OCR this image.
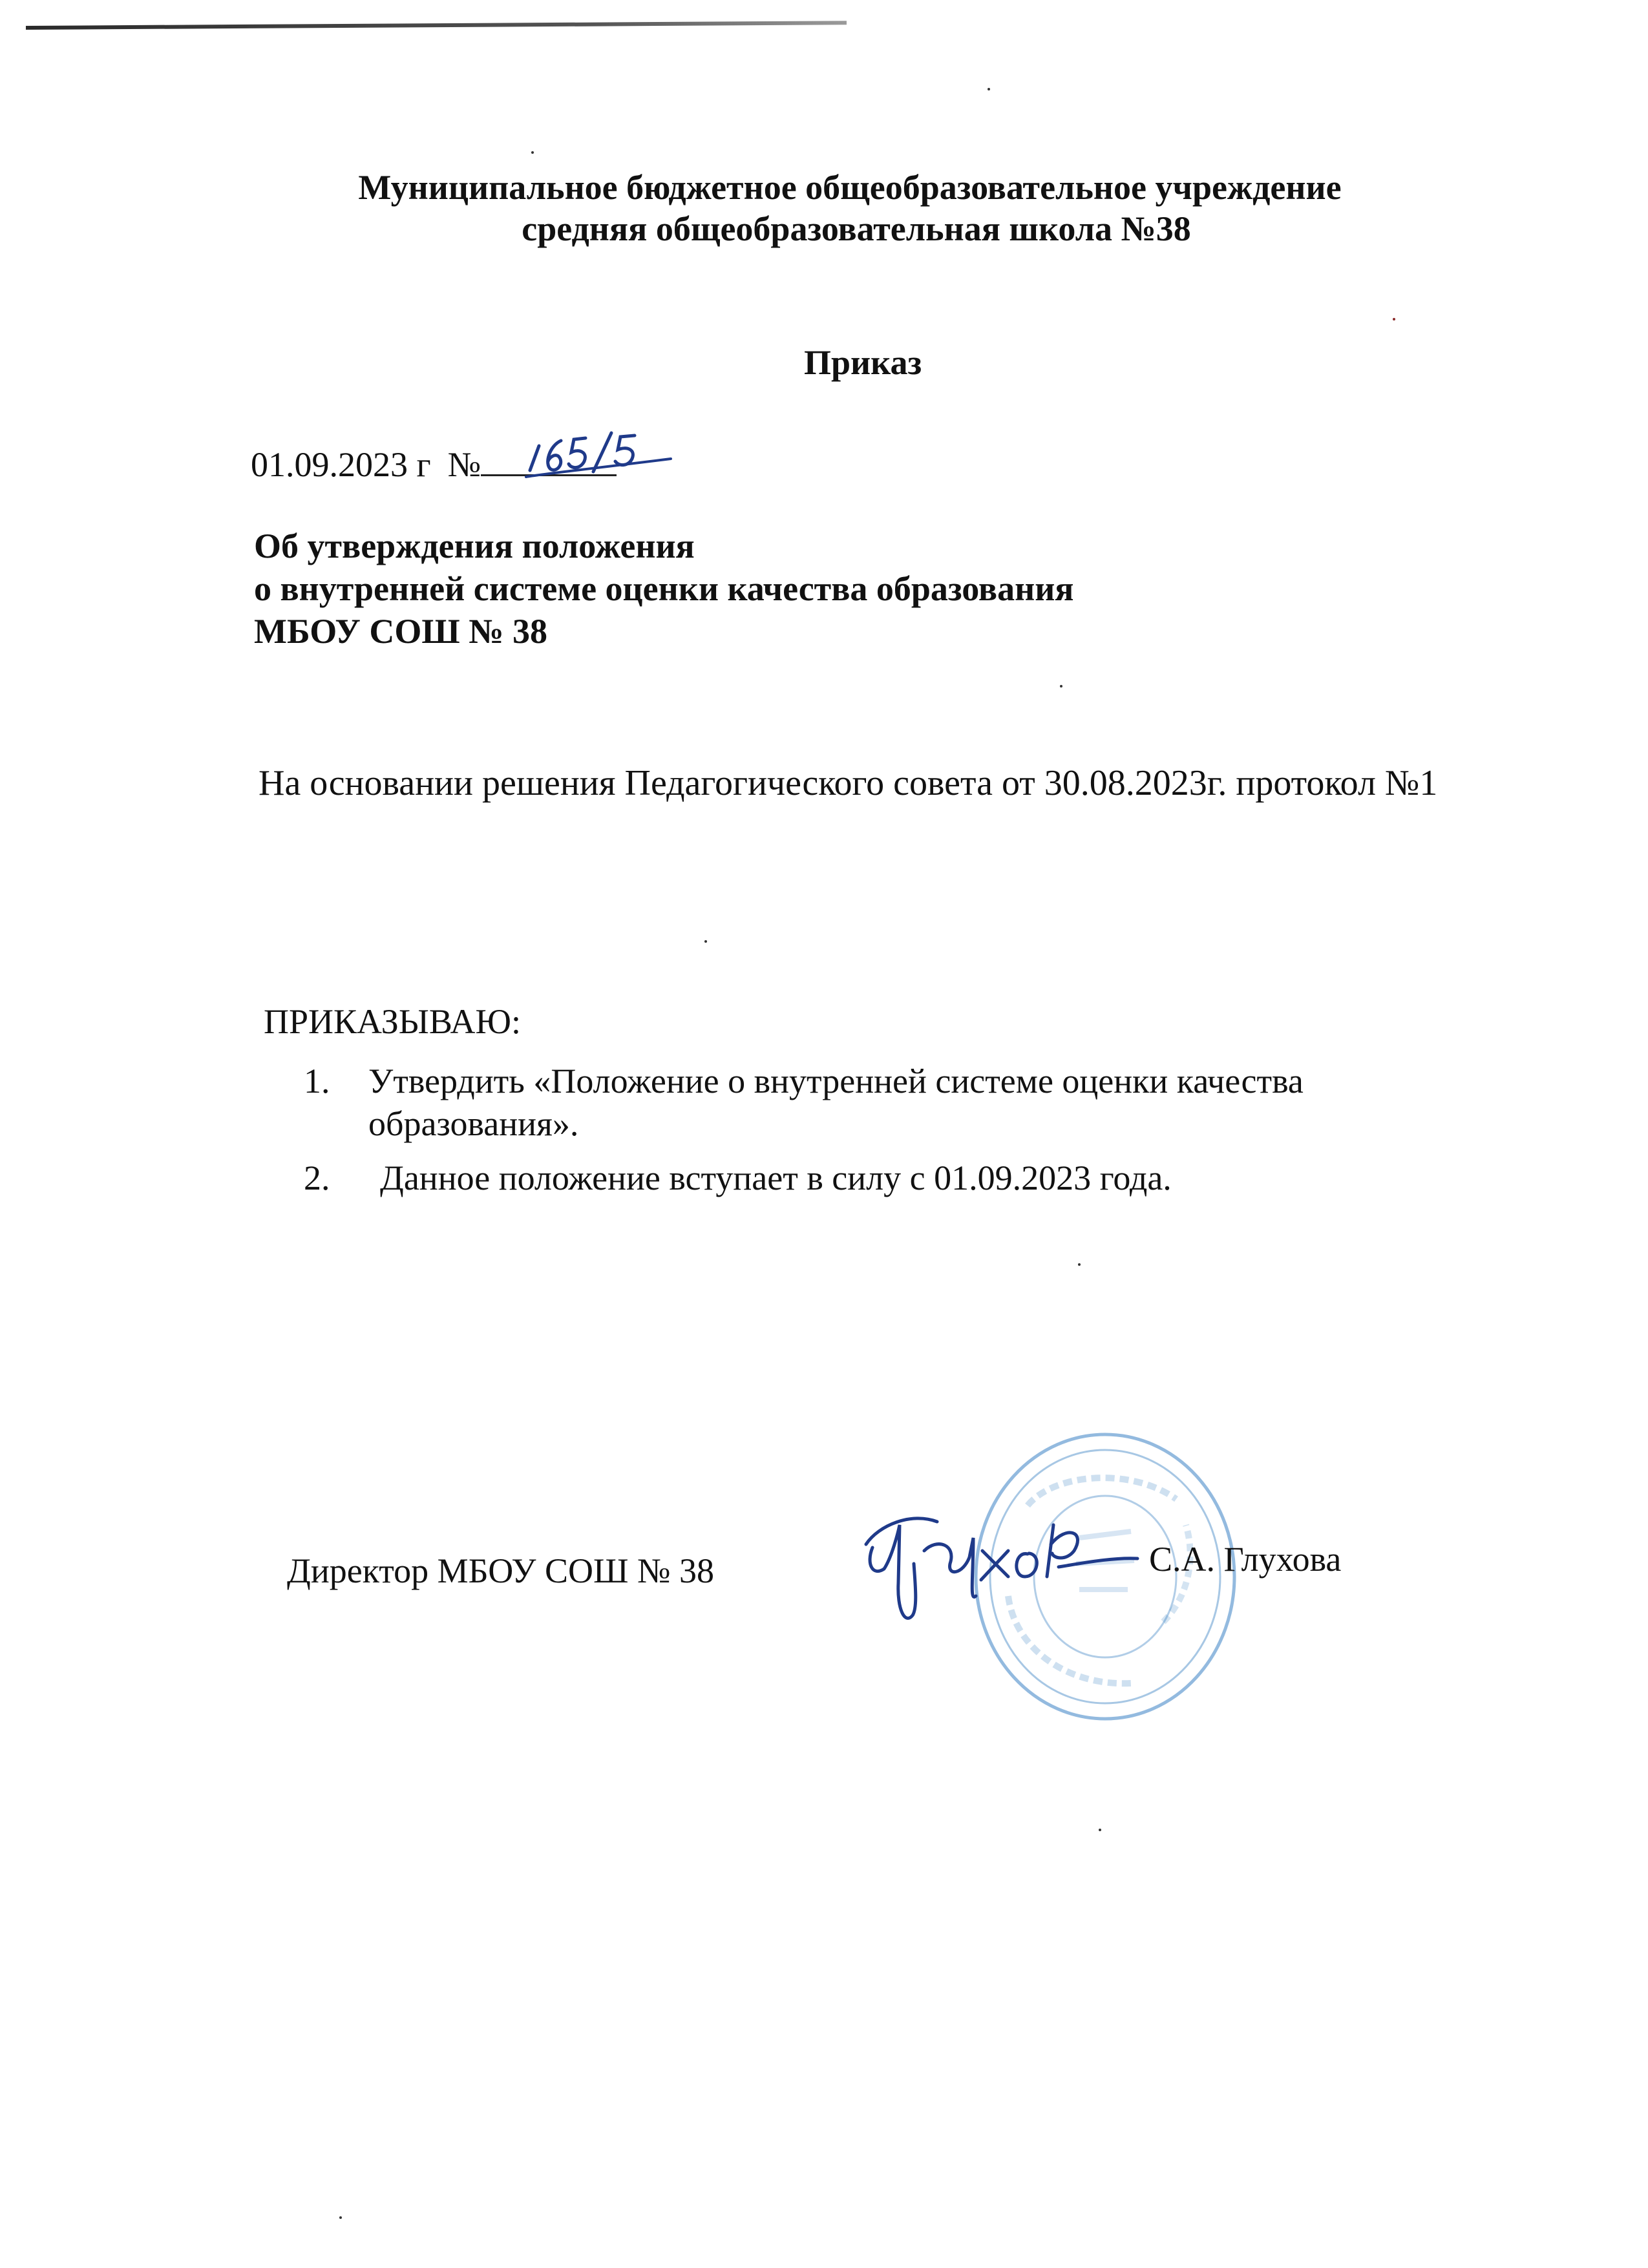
Муниципальное бюджетное общеобразовательное учреждение
средняя общеобразовательная школа №38
Приказ
01.09.2023 г №
Об утверждения положения
о внутренней системе оценки качества образования
МБОУ СОШ № 38
На основании решения Педагогического совета от 30.08.2023г. протокол №1
ПРИКАЗЫВАЮ:
1. Утвердить «Положение о внутренней системе оценки качества
образования».
2. Данное положение вступает в силу с 01.09.2023 года.
Директор МБОУ СОШ № 38	С.А. Глухова
